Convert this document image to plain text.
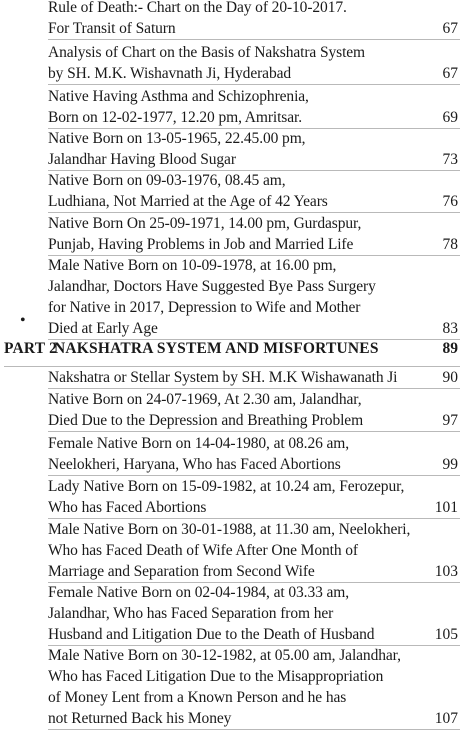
Rule of Death:- Chart on the Day of 20-10-2017.
For Transit of Saturn	67
Analysis of Chart on the Basis of Nakshatra System
by SH. M.K. Wishavnath Ji, Hyderabad	67
Native Having Asthma and Schizophrenia,
Born on 12-02-1977, 12.20 pm, Amritsar.	69
Native Born on 13-05-1965, 22.45.00 pm,
Jalandhar Having Blood Sugar	73
Native Born on 09-03-1976, 08.45 am,
Ludhiana, Not Married at the Age of 42 Years	76
Native Born On 25-09-1971, 14.00 pm, Gurdaspur,
Punjab, Having Problems in Job and Married Life	78
Male Native Born on 10-09-1978, at 16.00 pm,
Jalandhar, Doctors Have Suggested Bye Pass Surgery
for Native in 2017, Depression to Wife and Mother
Died at Early Age	83
•
PART 2
NAKSHATRA SYSTEM AND MISFORTUNES	89
Nakshatra or Stellar System by SH. M.K Wishawanath Ji	90
Native Born on 24-07-1969, At 2.30 am, Jalandhar,
Died Due to the Depression and Breathing Problem	97
Female Native Born on 14-04-1980, at 08.26 am,
Neelokheri, Haryana, Who has Faced Abortions	99
Lady Native Born on 15-09-1982, at 10.24 am, Ferozepur,
Who has Faced Abortions	101
Male Native Born on 30-01-1988, at 11.30 am, Neelokheri,
Who has Faced Death of Wife After One Month of
Marriage and Separation from Second Wife	103
Female Native Born on 02-04-1984, at 03.33 am,
Jalandhar, Who has Faced Separation from her
Husband and Litigation Due to the Death of Husband	105
Male Native Born on 30-12-1982, at 05.00 am, Jalandhar,
Who has Faced Litigation Due to the Misappropriation
of Money Lent from a Known Person and he has
not Returned Back his Money	107
